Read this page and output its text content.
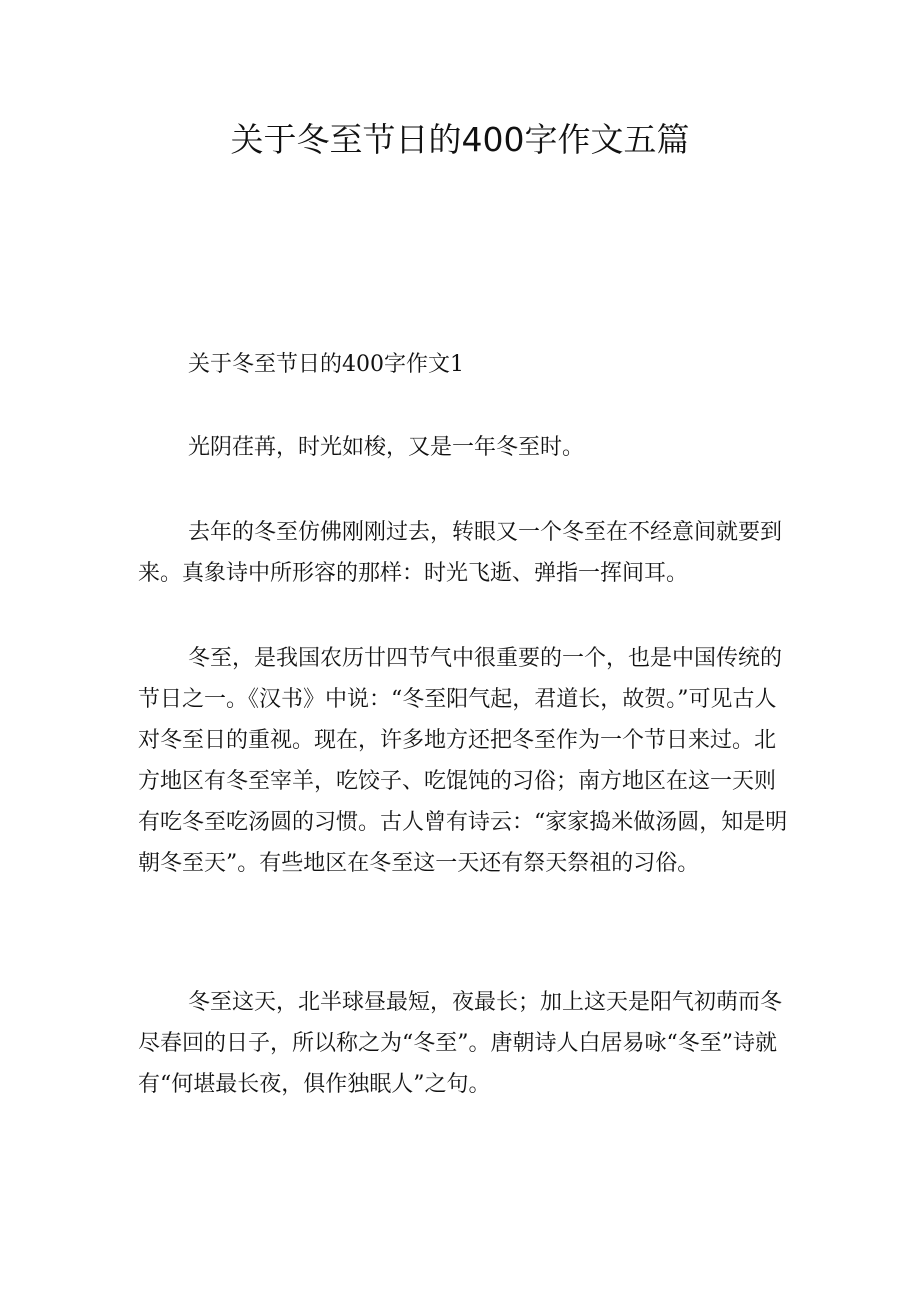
关于冬至节日的400字作文五篇

关于冬至节日的400字作文1

光阴荏苒，时光如梭，又是一年冬至时。

去年的冬至仿佛刚刚过去，转眼又一个冬至在不经意间就要到来。真象诗中所形容的那样：时光飞逝、弹指一挥间耳。

冬至，是我国农历廿四节气中很重要的一个，也是中国传统的节日之一。《汉书》中说：“冬至阳气起，君道长，故贺。”可见古人对冬至日的重视。现在，许多地方还把冬至作为一个节日来过。北方地区有冬至宰羊，吃饺子、吃馄饨的习俗；南方地区在这一天则有吃冬至吃汤圆的习惯。古人曾有诗云：“家家捣米做汤圆，知是明朝冬至天”。有些地区在冬至这一天还有祭天祭祖的习俗。

冬至这天，北半球昼最短，夜最长；加上这天是阳气初萌而冬尽春回的日子，所以称之为“冬至”。唐朝诗人白居易咏“冬至”诗就有“何堪最长夜，俱作独眠人”之句。
